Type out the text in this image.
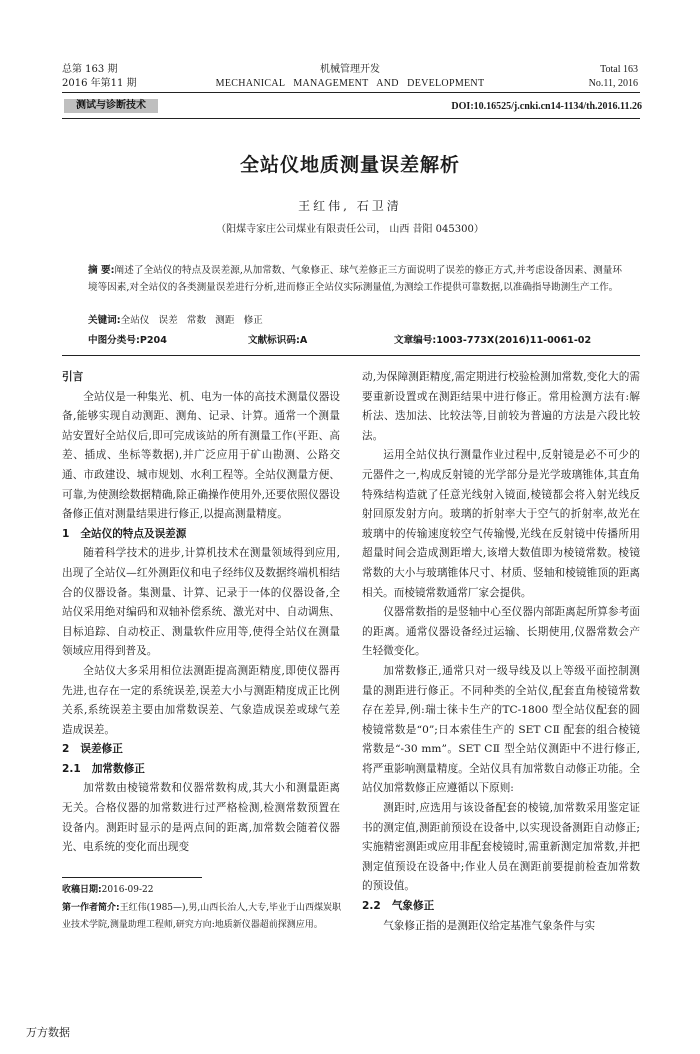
总第 163 期
2016 年第11 期
机械管理开发
MECHANICAL   MANAGEMENT   AND   DEVELOPMENT
Total 163
No.11, 2016
测试与诊断技术	DOI:10.16525/j.cnki.cn14-1134/th.2016.11.26
全站仪地质测量误差解析
王红伟, 石卫清
（阳煤寺家庄公司煤业有限责任公司， 山西 昔阳 045300）
摘 要:阐述了全站仪的特点及误差源,从加常数、气象修正、球气差修正三方面说明了误差的修正方式,并考虑设备因素、测量环境等因素,对全站仪的各类测量误差进行分析,进而修正全站仪实际测量值,为测绘工作提供可靠数据,以准确指导勘测生产工作。
关键词:全站仪   误差   常数   测距   修正
中图分类号:P204	文献标识码:A	文章编号:1003-773X(2016)11-0061-02
引言

全站仪是一种集光、机、电为一体的高技术测量仪器设备,能够实现自动测距、测角、记录、计算。通常一个测量站安置好全站仪后,即可完成该站的所有测量工作(平距、高差、插成、坐标等数据),并广泛应用于矿山勘测、公路交通、市政建设、城市规划、水利工程等。全站仪测量方便、可靠,为使测绘数据精确,除正确操作使用外,还要依照仪器设备修正值对测量结果进行修正,以提高测量精度。

1   全站仪的特点及误差源

随着科学技术的进步,计算机技术在测量领域得到应用,出现了全站仪—红外测距仪和电子经纬仪及数据终端机相结合的仪器设备。集测量、计算、记录于一体的仪器设备,全站仪采用绝对编码和双轴补偿系统、激光对中、自动调焦、目标追踪、自动校正、测量软件应用等,使得全站仪在测量领域应用得到普及。

全站仪大多采用相位法测距提高测距精度,即使仪器再先进,也存在一定的系统误差,误差大小与测距精度成正比例关系,系统误差主要由加常数误差、气象造成误差或球气差造成误差。

2   误差修正
2.1   加常数修正

加常数由棱镜常数和仪器常数构成,其大小和测量距离无关。合格仪器的加常数进行过严格检测,检测常数预置在设备内。测距时显示的是两点间的距离,加常数会随着仪器光、电系统的变化而出现变

收稿日期:2016-09-22
第一作者简介:王红伟(1985—),男,山西长治人,大专,毕业于山西煤炭职业技术学院,测量助理工程师,研究方向:地质新仪器超前探测应用。

动,为保障测距精度,需定期进行校验检测加常数,变化大的需要重新设置或在测距结果中进行修正。常用检测方法有:解析法、迭加法、比较法等,目前较为普遍的方法是六段比较法。

运用全站仪执行测量作业过程中,反射镜是必不可少的元器件之一,构成反射镜的光学部分是光学玻璃锥体,其直角特殊结构造就了任意光线射入镜面,棱镜都会将入射光线反射回原发射方向。玻璃的折射率大于空气的折射率,故光在玻璃中的传输速度较空气传输慢,光线在反射镜中传播所用超量时间会造成测距增大,该增大数值即为棱镜常数。棱镜常数的大小与玻璃锥体尺寸、材质、竖轴和棱镜锥顶的距离相关。而棱镜常数通常厂家会提供。

仪器常数指的是竖轴中心至仪器内部距离起所算参考面的距离。通常仪器设备经过运输、长期使用,仪器常数会产生轻微变化。

加常数修正,通常只对一级导线及以上等级平面控制测量的测距进行修正。不同种类的全站仪,配套直角棱镜常数存在差异,例:瑞士徕卡生产的TC-1800 型全站仪配套的圆棱镜常数是“0”;日本索佳生产的 SET CⅡ 配套的组合棱镜常数是“-30 mm”。SET CⅡ 型全站仪测距中不进行修正,将严重影响测量精度。全站仪具有加常数自动修正功能。全站仪加常数修正应遵循以下原则:

测距时,应选用与该设备配套的棱镜,加常数采用鉴定证书的测定值,测距前预设在设备中,以实现设备测距自动修正;实施精密测距或应用非配套棱镜时,需重新测定加常数,并把测定值预设在设备中;作业人员在测距前要提前检查加常数的预设值。

2.2   气象修正

气象修正指的是测距仪给定基准气象条件与实

万方数据
